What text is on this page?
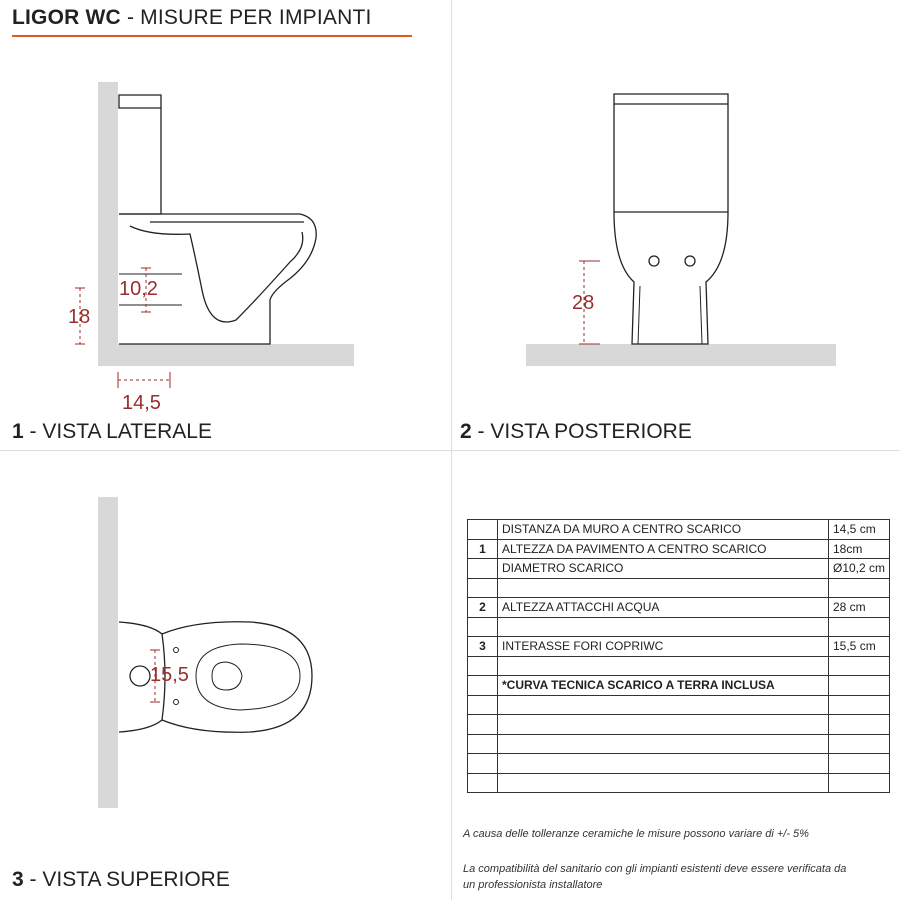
LIGOR WC - MISURE PER IMPIANTI
18
10,2
14,5
28
15,5
1 - VISTA LATERALE	2 - VISTA POSTERIORE
3 - VISTA SUPERIORE
	DISTANZA DA MURO A CENTRO SCARICO	14,5 cm
1	ALTEZZA DA PAVIMENTO A CENTRO SCARICO	18cm
	DIAMETRO SCARICO	Ø10,2 cm

2	ALTEZZA ATTACCHI ACQUA	28 cm

3	INTERASSE FORI COPRIWC	15,5 cm

	*CURVA TECNICA SCARICO A TERRA INCLUSA	

A causa delle tolleranze ceramiche le misure possono variare di +/- 5%
La compatibilità del sanitario con gli impianti esistenti deve essere verificata da
un professionista installatore
